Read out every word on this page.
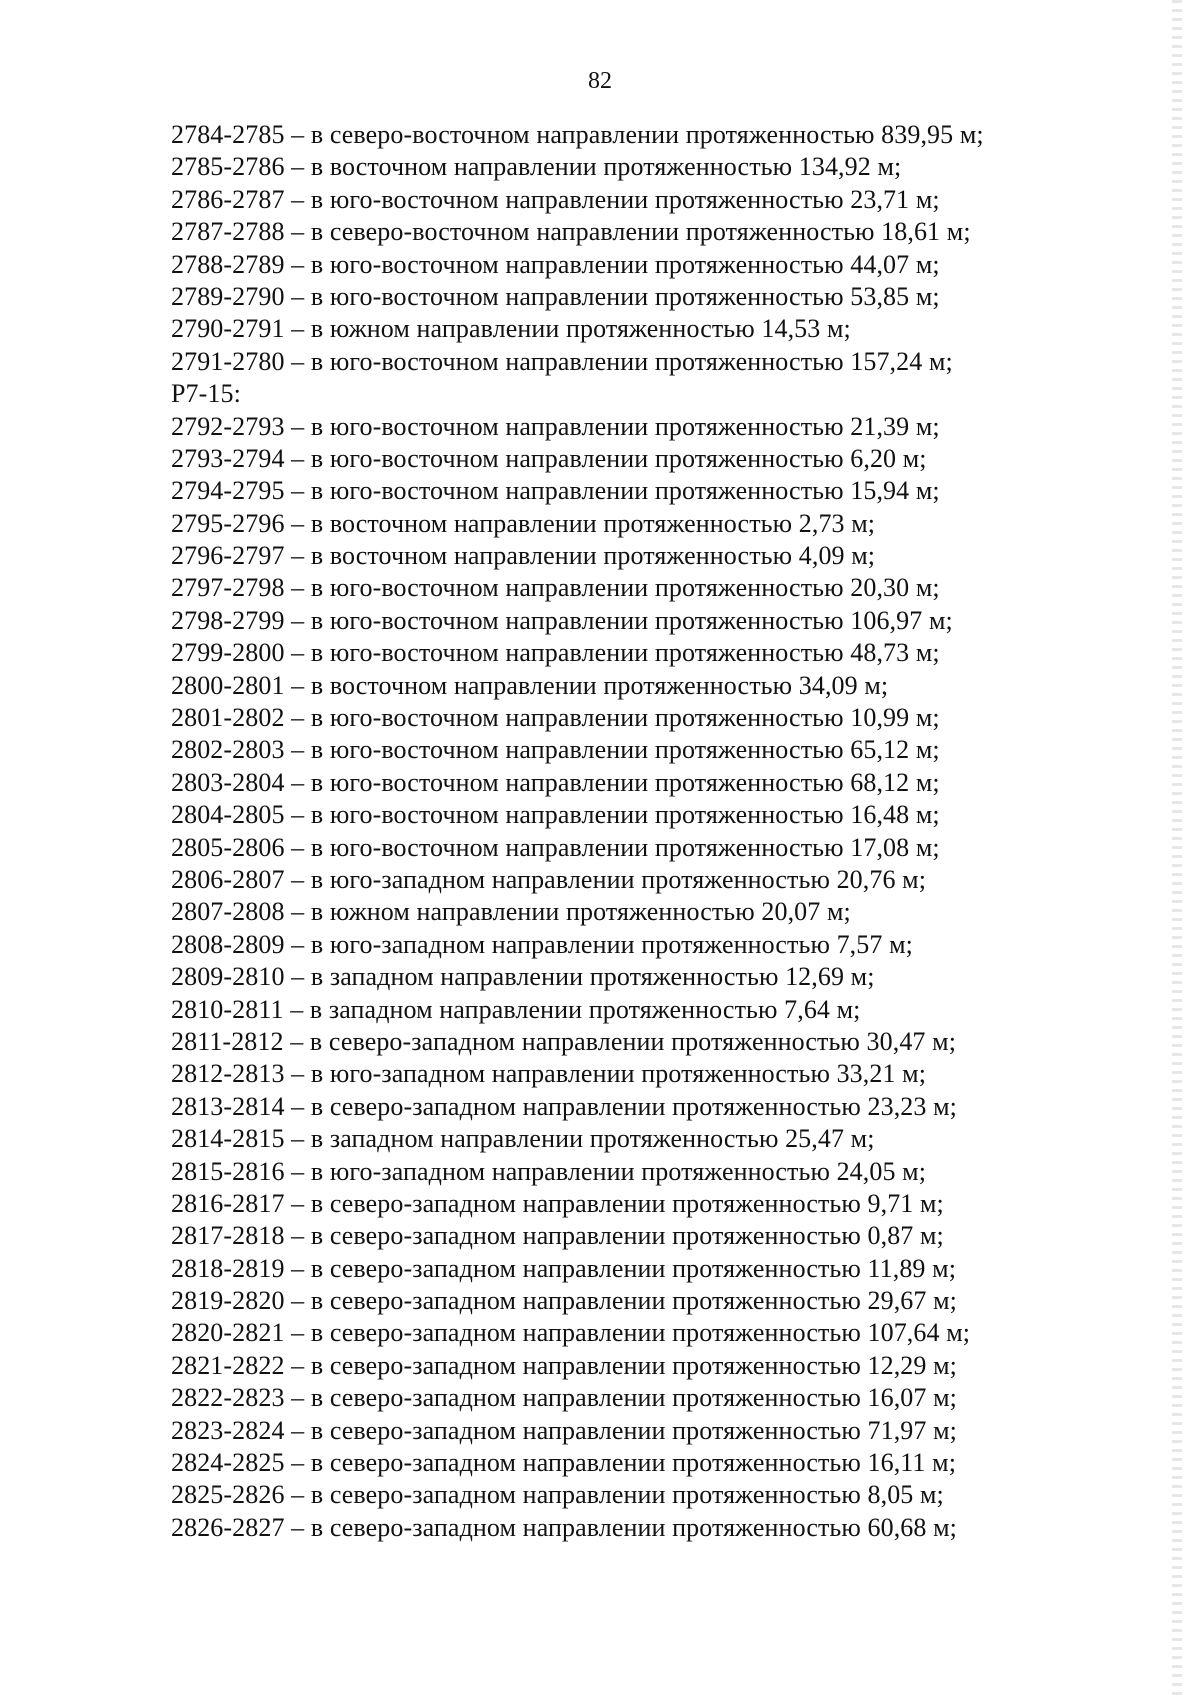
82
2784-2785 – в северо-восточном направлении протяженностью 839,95 м;
2785-2786 – в восточном направлении протяженностью 134,92 м;
2786-2787 – в юго-восточном направлении протяженностью 23,71 м;
2787-2788 – в северо-восточном направлении протяженностью 18,61 м;
2788-2789 – в юго-восточном направлении протяженностью 44,07 м;
2789-2790 – в юго-восточном направлении протяженностью 53,85 м;
2790-2791 – в южном направлении протяженностью 14,53 м;
2791-2780 – в юго-восточном направлении протяженностью 157,24 м;
Р7-15:
2792-2793 – в юго-восточном направлении протяженностью 21,39 м;
2793-2794 – в юго-восточном направлении протяженностью 6,20 м;
2794-2795 – в юго-восточном направлении протяженностью 15,94 м;
2795-2796 – в восточном направлении протяженностью 2,73 м;
2796-2797 – в восточном направлении протяженностью 4,09 м;
2797-2798 – в юго-восточном направлении протяженностью 20,30 м;
2798-2799 – в юго-восточном направлении протяженностью 106,97 м;
2799-2800 – в юго-восточном направлении протяженностью 48,73 м;
2800-2801 – в восточном направлении протяженностью 34,09 м;
2801-2802 – в юго-восточном направлении протяженностью 10,99 м;
2802-2803 – в юго-восточном направлении протяженностью 65,12 м;
2803-2804 – в юго-восточном направлении протяженностью 68,12 м;
2804-2805 – в юго-восточном направлении протяженностью 16,48 м;
2805-2806 – в юго-восточном направлении протяженностью 17,08 м;
2806-2807 – в юго-западном направлении протяженностью 20,76 м;
2807-2808 – в южном направлении протяженностью 20,07 м;
2808-2809 – в юго-западном направлении протяженностью 7,57 м;
2809-2810 – в западном направлении протяженностью 12,69 м;
2810-2811 – в западном направлении протяженностью 7,64 м;
2811-2812 – в северо-западном направлении протяженностью 30,47 м;
2812-2813 – в юго-западном направлении протяженностью 33,21 м;
2813-2814 – в северо-западном направлении протяженностью 23,23 м;
2814-2815 – в западном направлении протяженностью 25,47 м;
2815-2816 – в юго-западном направлении протяженностью 24,05 м;
2816-2817 – в северо-западном направлении протяженностью 9,71 м;
2817-2818 – в северо-западном направлении протяженностью 0,87 м;
2818-2819 – в северо-западном направлении протяженностью 11,89 м;
2819-2820 – в северо-западном направлении протяженностью 29,67 м;
2820-2821 – в северо-западном направлении протяженностью 107,64 м;
2821-2822 – в северо-западном направлении протяженностью 12,29 м;
2822-2823 – в северо-западном направлении протяженностью 16,07 м;
2823-2824 – в северо-западном направлении протяженностью 71,97 м;
2824-2825 – в северо-западном направлении протяженностью 16,11 м;
2825-2826 – в северо-западном направлении протяженностью 8,05 м;
2826-2827 – в северо-западном направлении протяженностью 60,68 м;
